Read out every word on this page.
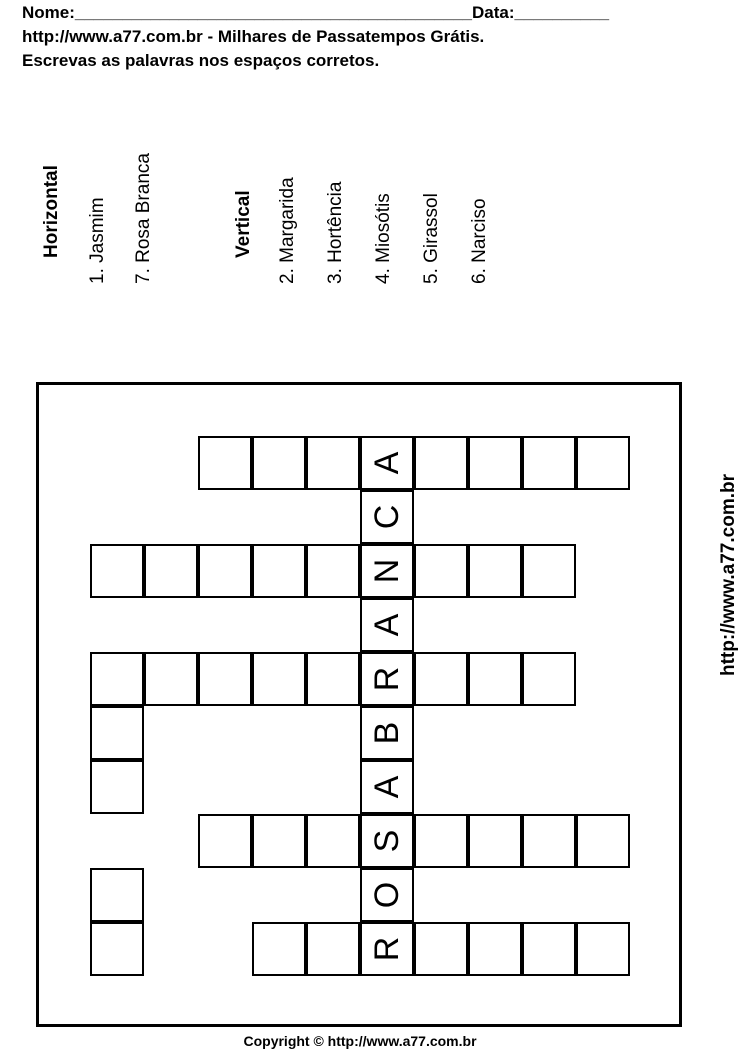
Nome:__________________________________________Data:__________
http://www.a77.com.br - Milhares de Passatempos Grátis.
Escrevas as palavras nos espaços corretos.
Horizontal 1. Jasmim 7. Rosa Branca	Vertical 2. Margarida 3. Hortência 4. Miosótis 5. Girassol 6. Narciso
R
O
S
A
B
R
A
N
C
A
http://www.a77.com.br
Copyright © http://www.a77.com.br
